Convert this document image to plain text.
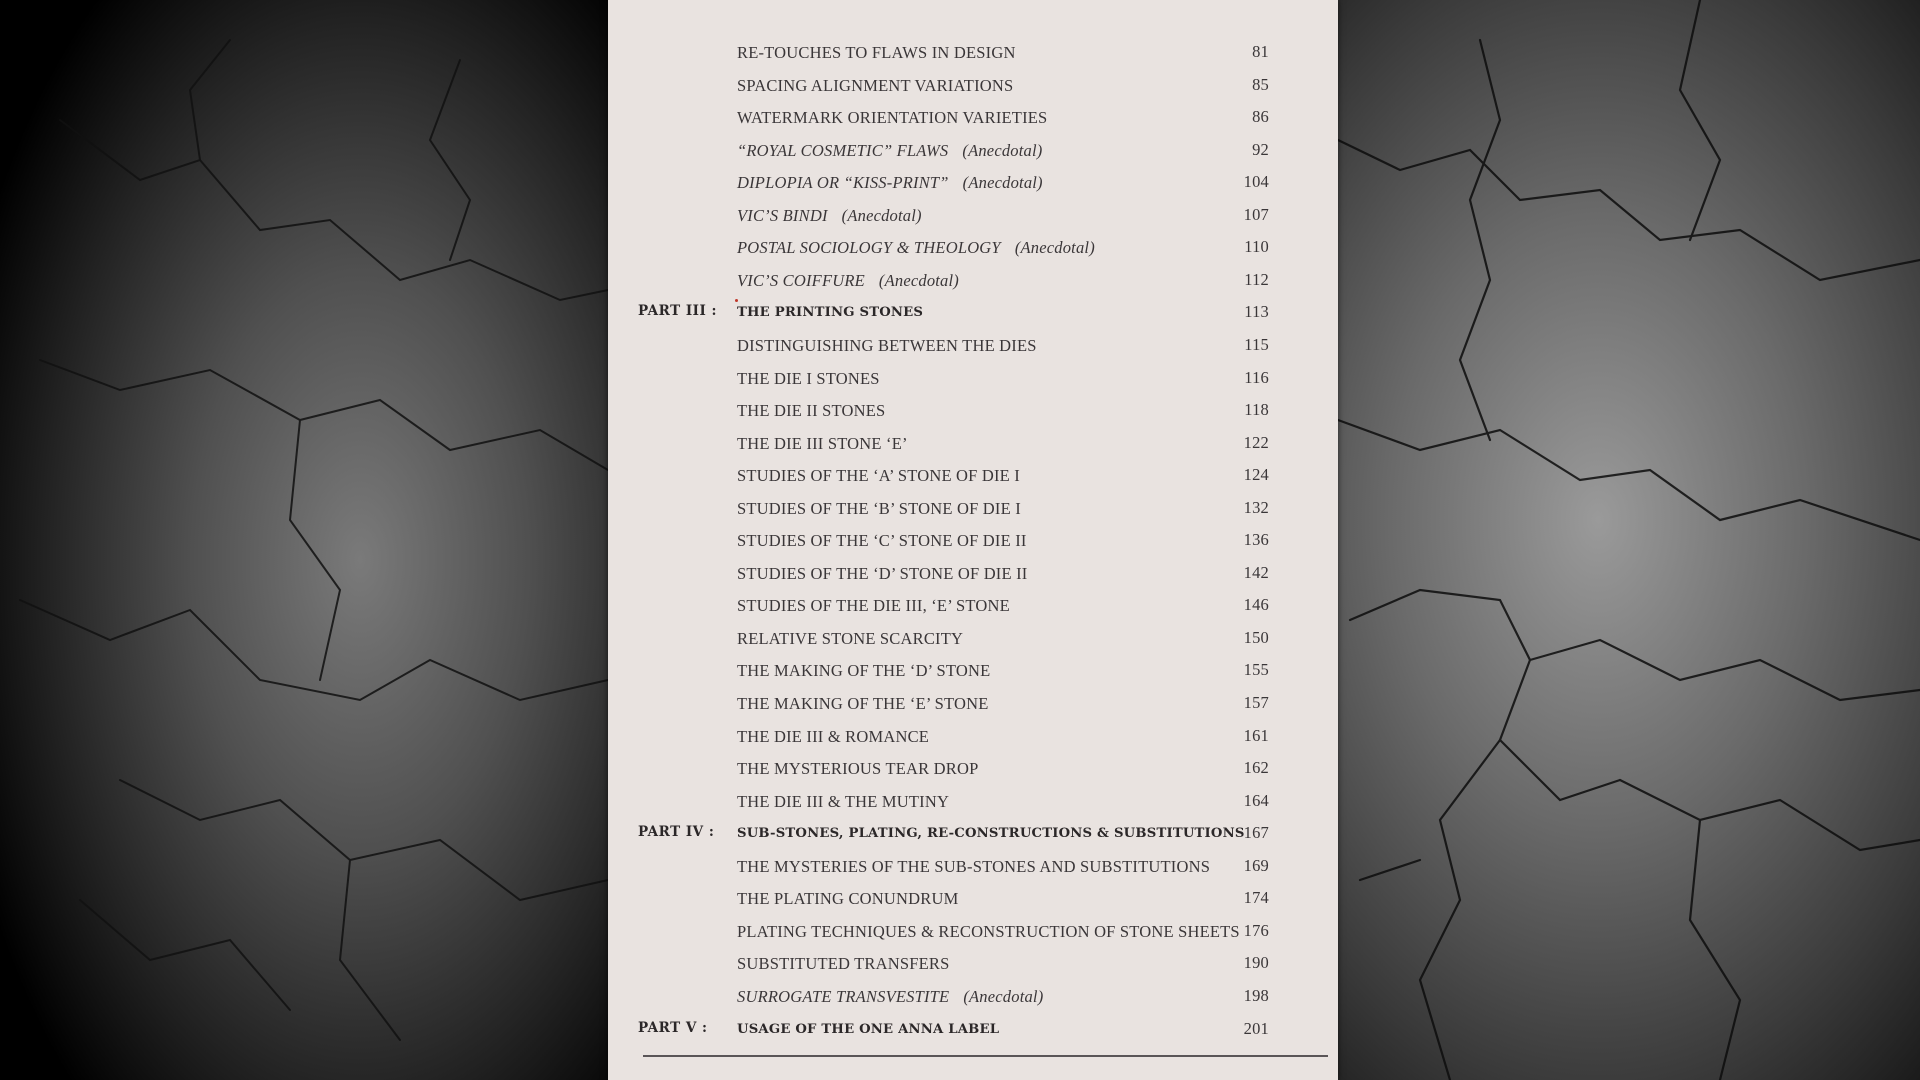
RE-TOUCHES TO FLAWS IN DESIGN	81
SPACING ALIGNMENT VARIATIONS	85
WATERMARK ORIENTATION VARIETIES	86
“ROYAL COSMETIC” FLAWS (Anecdotal)	92
DIPLOPIA OR “KISS-PRINT” (Anecdotal)	104
VIC’S BINDI (Anecdotal)	107
POSTAL SOCIOLOGY & THEOLOGY (Anecdotal)	110
VIC’S COIFFURE (Anecdotal)	112
PART III : THE PRINTING STONES	113
DISTINGUISHING BETWEEN THE DIES	115
THE DIE I STONES	116
THE DIE II STONES	118
THE DIE III STONE ‘E’	122
STUDIES OF THE ‘A’ STONE OF DIE I	124
STUDIES OF THE ‘B’ STONE OF DIE I	132
STUDIES OF THE ‘C’ STONE OF DIE II	136
STUDIES OF THE ‘D’ STONE OF DIE II	142
STUDIES OF THE DIE III, ‘E’ STONE	146
RELATIVE STONE SCARCITY	150
THE MAKING OF THE ‘D’ STONE	155
THE MAKING OF THE ‘E’ STONE	157
THE DIE III & ROMANCE	161
THE MYSTERIOUS TEAR DROP	162
THE DIE III & THE MUTINY	164
PART IV : SUB-STONES, PLATING, RE-CONSTRUCTIONS & SUBSTITUTIONS 167
THE MYSTERIES OF THE SUB-STONES AND SUBSTITUTIONS 169
THE PLATING CONUNDRUM	174
PLATING TECHNIQUES & RECONSTRUCTION OF STONE SHEETS 176
SUBSTITUTED TRANSFERS	190
SURROGATE TRANSVESTITE (Anecdotal)	198
PART V : USAGE OF THE ONE ANNA LABEL	201
